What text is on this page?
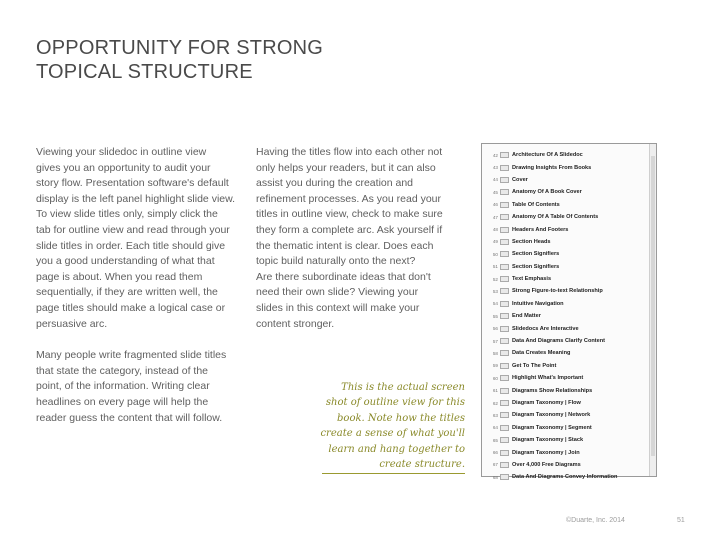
OPPORTUNITY FOR STRONG
TOPICAL STRUCTURE

Viewing your slidedoc in outline view
gives you an opportunity to audit your
story flow. Presentation software's default
display is the left panel highlight slide view.
To view slide titles only, simply click the
tab for outline view and read through your
slide titles in order. Each title should give
you a good understanding of what that
page is about. When you read them
sequentially, if they are written well, the
page titles should make a logical case or
persuasive arc.

Many people write fragmented slide titles
that state the category, instead of the
point, of the information. Writing clear
headlines on every page will help the
reader guess the content that will follow.

Having the titles flow into each other not
only helps your readers, but it can also
assist you during the creation and
refinement processes. As you read your
titles in outline view, check to make sure
they form a complete arc. Ask yourself if
the thematic intent is clear. Does each
topic build naturally onto the next?
Are there subordinate ideas that don't
need their own slide? Viewing your
slides in this context will make your
content stronger.

This is the actual screen
shot of outline view for this
book. Note how the titles
create a sense of what you'll
learn and hang together to
create structure.
42	Architecture Of A Slidedoc
43	Drawing Insights From Books
44	Cover
45	Anatomy Of A Book Cover
46	Table Of Contents
47	Anatomy Of A Table Of Contents
48	Headers And Footers
49	Section Heads
50	Section Signifiers
51	Section Signifiers
52	Text Emphasis
53	Strong Figure-to-text Relationship
54	Intuitive Navigation
55	End Matter
56	Slidedocs Are Interactive
57	Data And Diagrams Clarify Content
58	Data Creates Meaning
59	Get To The Point
60	Highlight What's Important
61	Diagrams Show Relationships
62	Diagram Taxonomy | Flow
63	Diagram Taxonomy | Network
64	Diagram Taxonomy | Segment
65	Diagram Taxonomy | Stack
66	Diagram Taxonomy | Join
67	Over 4,000 Free Diagrams
68	Data And Diagrams Convey Information
©Duarte, Inc. 2014	51
